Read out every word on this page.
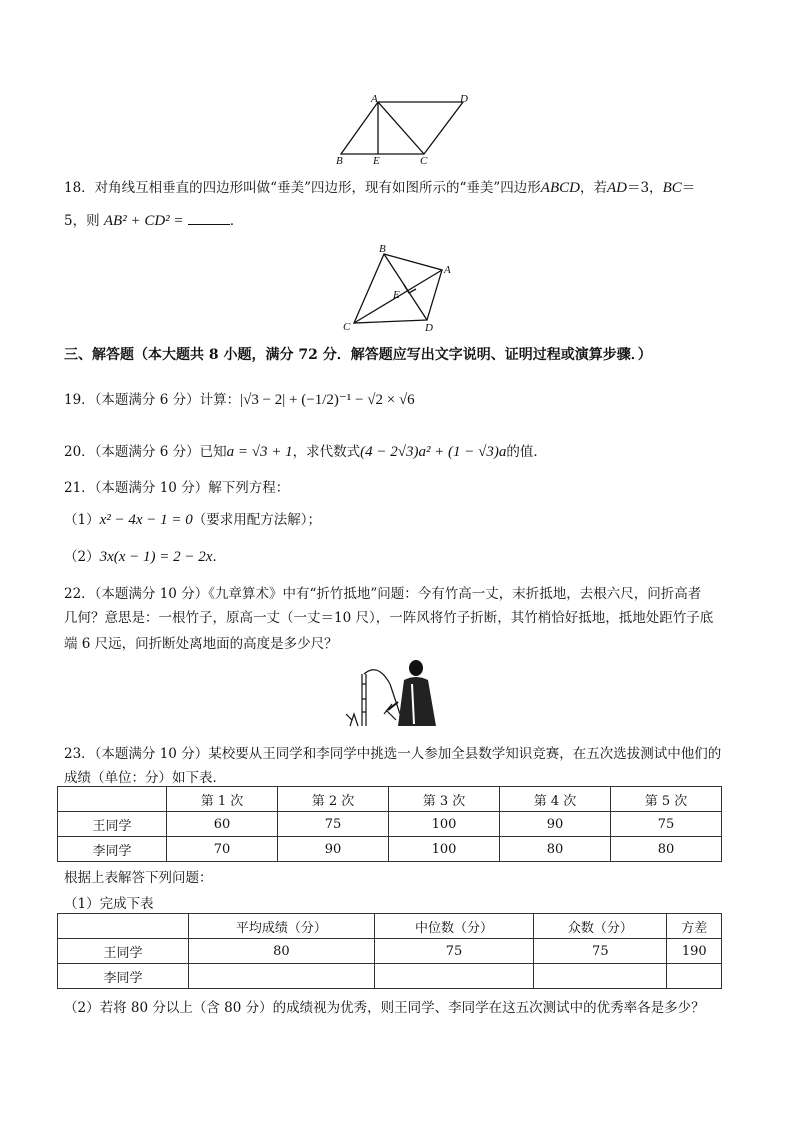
A	D
B	E	C
18．对角线互相垂直的四边形叫做“垂美”四边形，现有如图所示的“垂美”四边形ABCD，若AD＝3，BC＝
5，则 AB² + CD² =	．
B
A
E
C	D
三、解答题（本大题共 8 小题，满分 72 分．解答题应写出文字说明、证明过程或演算步骤．）
19．（本题满分 6 分）计算：|√3 − 2| + (−1/2)⁻¹ − √2 × √6
20．（本题满分 6 分）已知a = √3 + 1，求代数式(4 − 2√3)a² + (1 − √3)a的值．
21．（本题满分 10 分）解下列方程：
（1）x² − 4x − 1 = 0（要求用配方法解）；
（2）3x(x − 1) = 2 − 2x．
22．（本题满分 10 分）《九章算术》中有“折竹抵地”问题：今有竹高一丈，末折抵地，去根六尺，问折高者
几何？意思是：一根竹子，原高一丈（一丈＝10 尺），一阵风将竹子折断，其竹梢恰好抵地，抵地处距竹子底
端 6 尺远，问折断处离地面的高度是多少尺？
23．（本题满分 10 分）某校要从王同学和李同学中挑选一人参加全县数学知识竞赛，在五次选拔测试中他们的
成绩（单位：分）如下表．
	第 1 次	第 2 次	第 3 次	第 4 次	第 5 次
王同学	60	75	100	90	75
李同学	70	90	100	80	80
根据上表解答下列问题：
（1）完成下表
	平均成绩（分）	中位数（分）	众数（分）	方差
王同学	80	75	75	190
李同学				
（2）若将 80 分以上（含 80 分）的成绩视为优秀，则王同学、李同学在这五次测试中的优秀率各是多少？
